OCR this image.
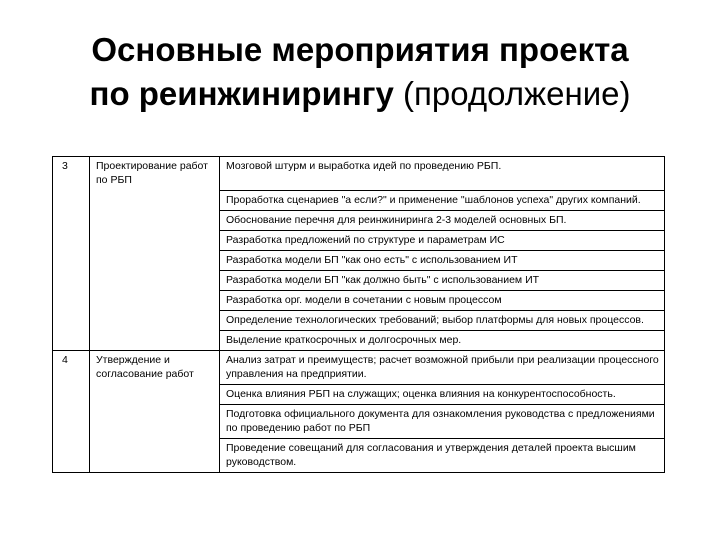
Основные мероприятия проекта
по реинжинирингу (продолжение)
3	Проектирование работ по РБП	Мозговой штурм и выработка идей по проведению РБП.
		Проработка сценариев "а если?" и применение "шаблонов успеха" других компаний.
		Обоснование перечня для реинжиниринга 2-3 моделей основных БП.
		Разработка предложений по структуре и параметрам ИС
		Разработка модели БП "как оно есть" с использованием ИТ
		Разработка модели БП "как должно быть" с использованием ИТ
		Разработка орг. модели в сочетании с новым процессом
		Определение технологических требований; выбор платформы для новых процессов.
		Выделение краткосрочных и долгосрочных мер.
4	Утверждение и согласование работ	Анализ затрат и преимуществ; расчет возможной прибыли при реализации процессного управления на предприятии.
		Оценка влияния РБП на служащих; оценка влияния на конкурентоспособность.
		Подготовка официального документа для ознакомления руководства с предложениями по проведению работ по РБП
		Проведение совещаний для согласования и утверждения деталей проекта высшим руководством.
